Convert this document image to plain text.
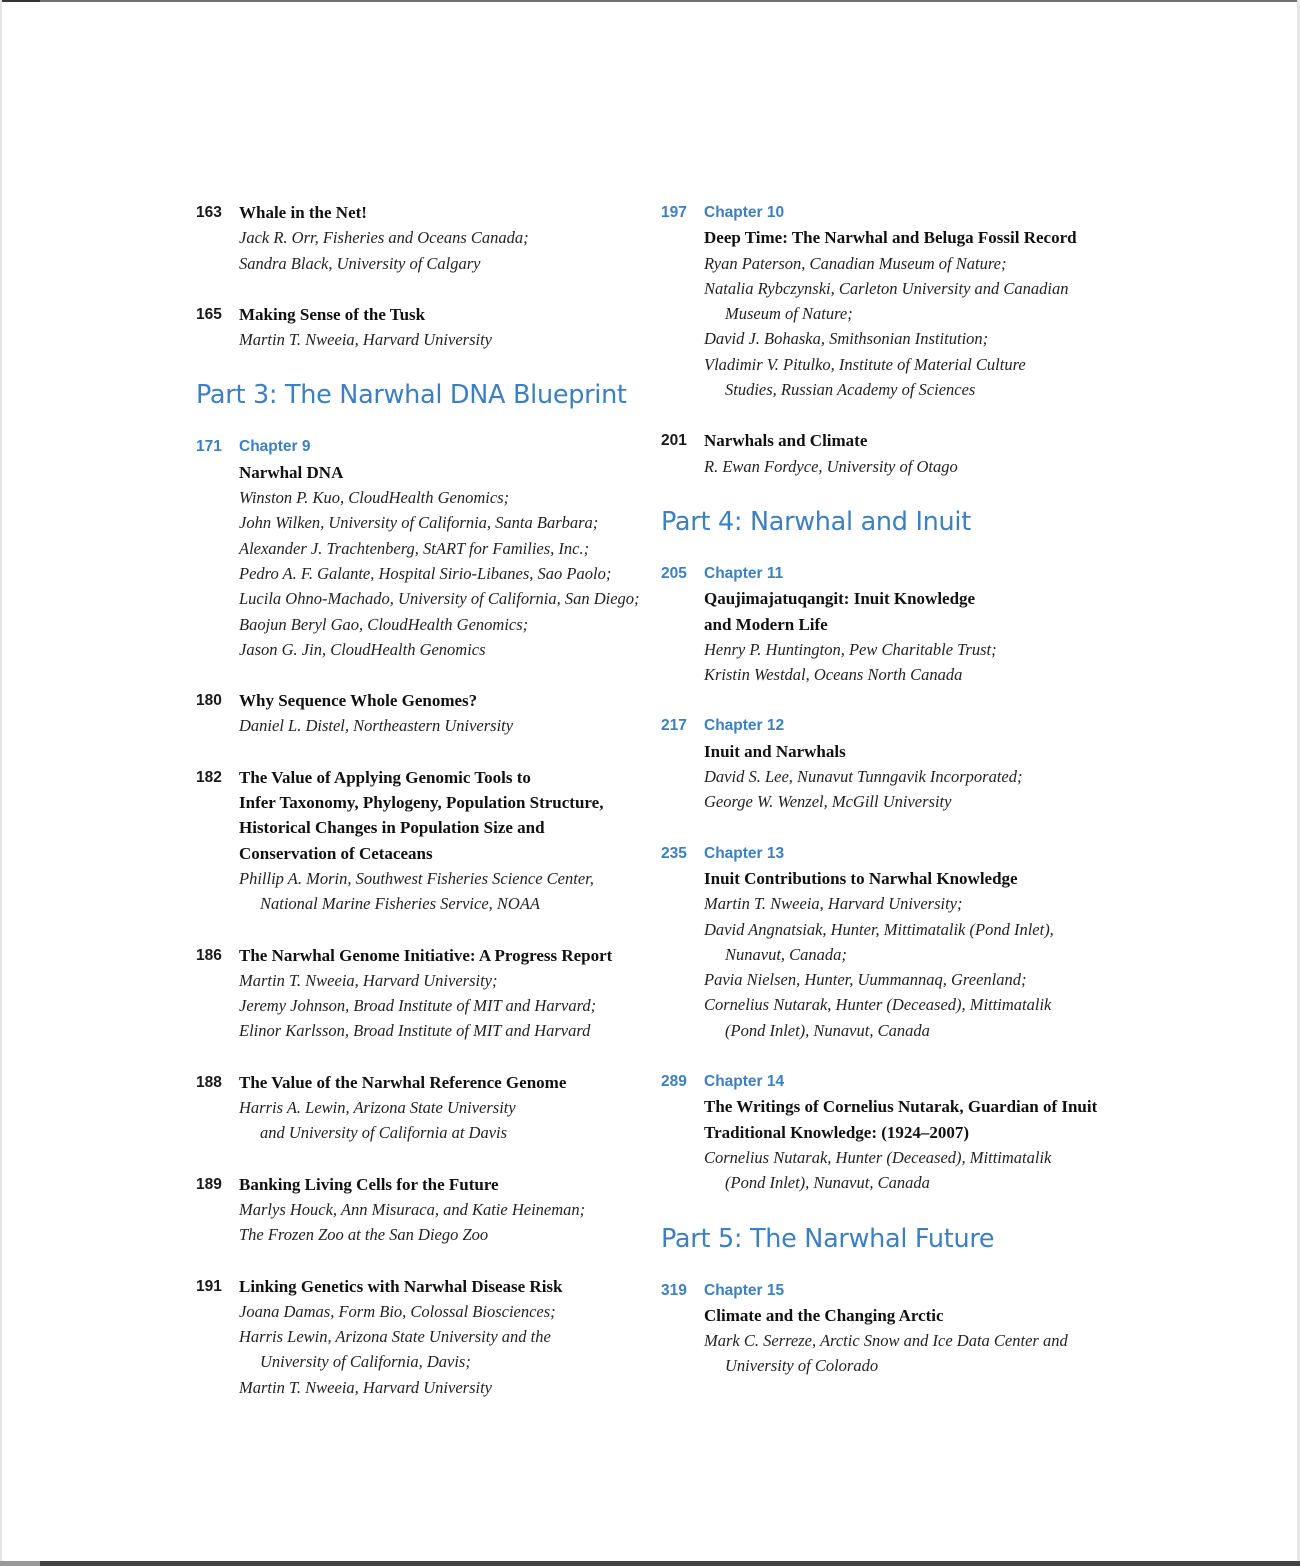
163 Whale in the Net!
Jack R. Orr, Fisheries and Oceans Canada;
Sandra Black, University of Calgary
165 Making Sense of the Tusk
Martin T. Nweeia, Harvard University
Part 3: The Narwhal DNA Blueprint
171 Chapter 9
Narwhal DNA
Winston P. Kuo, CloudHealth Genomics;
John Wilken, University of California, Santa Barbara;
Alexander J. Trachtenberg, StART for Families, Inc.;
Pedro A. F. Galante, Hospital Sirio-Libanes, Sao Paolo;
Lucila Ohno-Machado, University of California, San Diego;
Baojun Beryl Gao, CloudHealth Genomics;
Jason G. Jin, CloudHealth Genomics
180 Why Sequence Whole Genomes?
Daniel L. Distel, Northeastern University
182 The Value of Applying Genomic Tools to
Infer Taxonomy, Phylogeny, Population Structure,
Historical Changes in Population Size and
Conservation of Cetaceans
Phillip A. Morin, Southwest Fisheries Science Center,
National Marine Fisheries Service, NOAA
186 The Narwhal Genome Initiative: A Progress Report
Martin T. Nweeia, Harvard University;
Jeremy Johnson, Broad Institute of MIT and Harvard;
Elinor Karlsson, Broad Institute of MIT and Harvard
188 The Value of the Narwhal Reference Genome
Harris A. Lewin, Arizona State University
and University of California at Davis
189 Banking Living Cells for the Future
Marlys Houck, Ann Misuraca, and Katie Heineman;
The Frozen Zoo at the San Diego Zoo
191 Linking Genetics with Narwhal Disease Risk
Joana Damas, Form Bio, Colossal Biosciences;
Harris Lewin, Arizona State University and the
University of California, Davis;
Martin T. Nweeia, Harvard University
197 Chapter 10
Deep Time: The Narwhal and Beluga Fossil Record
Ryan Paterson, Canadian Museum of Nature;
Natalia Rybczynski, Carleton University and Canadian
Museum of Nature;
David J. Bohaska, Smithsonian Institution;
Vladimir V. Pitulko, Institute of Material Culture
Studies, Russian Academy of Sciences
201 Narwhals and Climate
R. Ewan Fordyce, University of Otago
Part 4: Narwhal and Inuit
205 Chapter 11
Qaujimajatuqangit: Inuit Knowledge
and Modern Life
Henry P. Huntington, Pew Charitable Trust;
Kristin Westdal, Oceans North Canada
217 Chapter 12
Inuit and Narwhals
David S. Lee, Nunavut Tunngavik Incorporated;
George W. Wenzel, McGill University
235 Chapter 13
Inuit Contributions to Narwhal Knowledge
Martin T. Nweeia, Harvard University;
David Angnatsiak, Hunter, Mittimatalik (Pond Inlet),
Nunavut, Canada;
Pavia Nielsen, Hunter, Uummannaq, Greenland;
Cornelius Nutarak, Hunter (Deceased), Mittimatalik
(Pond Inlet), Nunavut, Canada
289 Chapter 14
The Writings of Cornelius Nutarak, Guardian of Inuit
Traditional Knowledge: (1924–2007)
Cornelius Nutarak, Hunter (Deceased), Mittimatalik
(Pond Inlet), Nunavut, Canada
Part 5: The Narwhal Future
319 Chapter 15
Climate and the Changing Arctic
Mark C. Serreze, Arctic Snow and Ice Data Center and
University of Colorado
